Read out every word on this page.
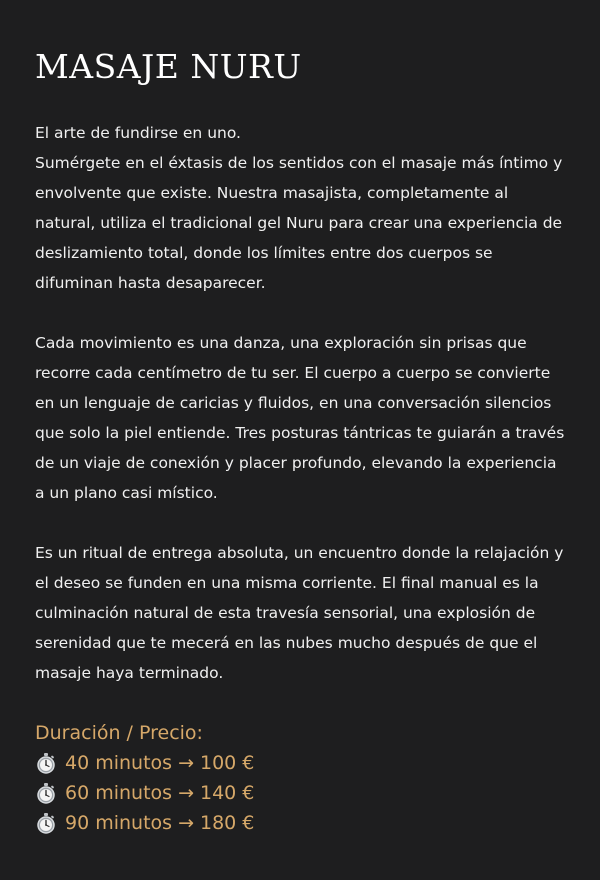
MASAJE NURU
El arte de fundirse en uno.
Sumérgete en el éxtasis de los sentidos con el masaje más íntimo y envolvente que existe. Nuestra masajista, completamente al natural, utiliza el tradicional gel Nuru para crear una experiencia de deslizamiento total, donde los límites entre dos cuerpos se difuminan hasta desaparecer.
Cada movimiento es una danza, una exploración sin prisas que recorre cada centímetro de tu ser. El cuerpo a cuerpo se convierte en un lenguaje de caricias y fluidos, en una conversación silencios que solo la piel entiende. Tres posturas tántricas te guiarán a través de un viaje de conexión y placer profundo, elevando la experiencia a un plano casi místico.
Es un ritual de entrega absoluta, un encuentro donde la relajación y el deseo se funden en una misma corriente. El final manual es la culminación natural de esta travesía sensorial, una explosión de serenidad que te mecerá en las nubes mucho después de que el masaje haya terminado.
Duración / Precio:
40 minutos → 100 €
60 minutos → 140 €
90 minutos → 180 €
